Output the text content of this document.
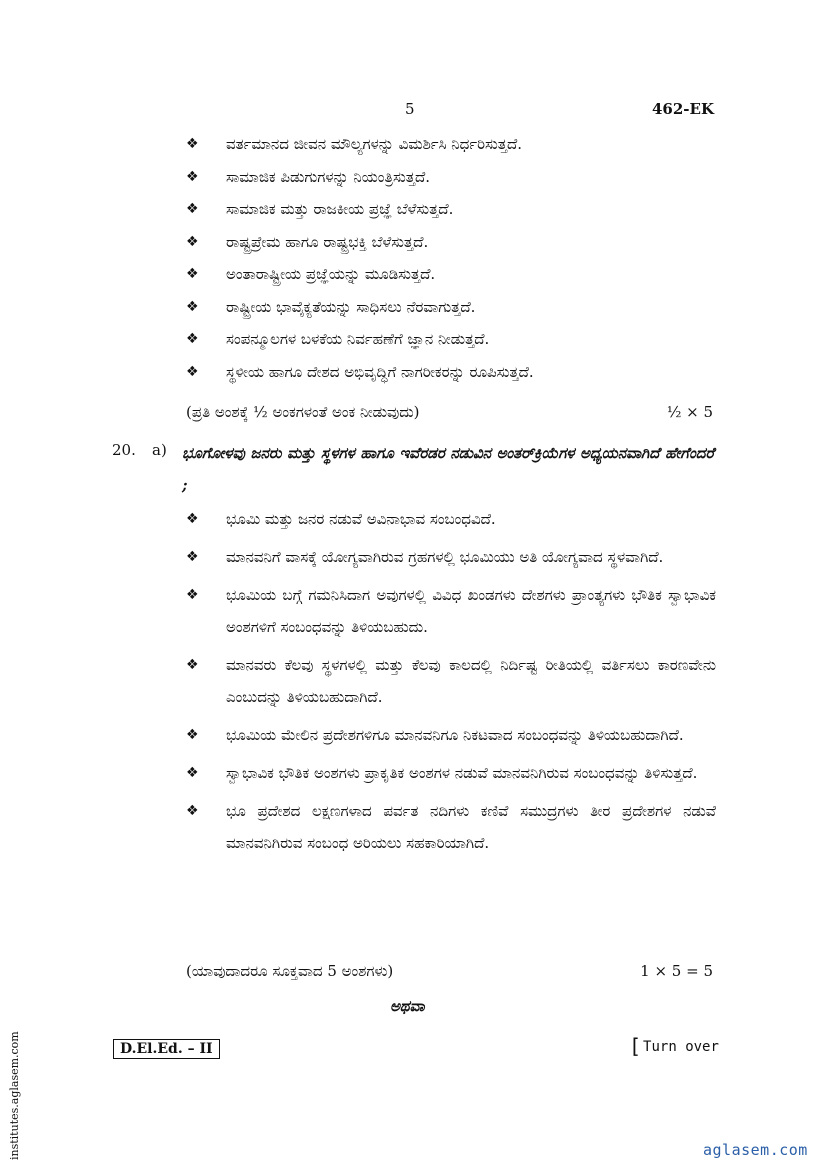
5	462-EK
❖ ವರ್ತಮಾನದ ಜೀವನ ಮೌಲ್ಯಗಳನ್ನು ವಿಮರ್ಶಿಸಿ ನಿರ್ಧರಿಸುತ್ತದೆ.
❖ ಸಾಮಾಜಿಕ ಪಿಡುಗುಗಳನ್ನು ನಿಯಂತ್ರಿಸುತ್ತದೆ.
❖ ಸಾಮಾಜಿಕ ಮತ್ತು ರಾಜಕೀಯ ಪ್ರಜ್ಞೆ ಬೆಳೆಸುತ್ತದೆ.
❖ ರಾಷ್ಟ್ರಪ್ರೇಮ ಹಾಗೂ ರಾಷ್ಟ್ರಭಕ್ತಿ ಬೆಳೆಸುತ್ತದೆ.
❖ ಅಂತಾರಾಷ್ಟ್ರೀಯ ಪ್ರಜ್ಞೆಯನ್ನು ಮೂಡಿಸುತ್ತದೆ.
❖ ರಾಷ್ಟ್ರೀಯ ಭಾವೈಕ್ಯತೆಯನ್ನು ಸಾಧಿಸಲು ನೆರವಾಗುತ್ತದೆ.
❖ ಸಂಪನ್ಮೂಲಗಳ ಬಳಕೆಯ ನಿರ್ವಹಣೆಗೆ ಜ್ಞಾನ ನೀಡುತ್ತದೆ.
❖ ಸ್ಥಳೀಯ ಹಾಗೂ ದೇಶದ ಅಭಿವೃದ್ಧಿಗೆ ನಾಗರೀಕರನ್ನು ರೂಪಿಸುತ್ತದೆ.
(ಪ್ರತಿ ಅಂಶಕ್ಕೆ ½ ಅಂಕಗಳಂತೆ ಅಂಕ ನೀಡುವುದು)	½ × 5
20. a) ಭೂಗೋಳವು ಜನರು ಮತ್ತು ಸ್ಥಳಗಳ ಹಾಗೂ ಇವೆರಡರ ನಡುವಿನ ಅಂತರ್‌ಕ್ರಿಯೆಗಳ ಅಧ್ಯಯನವಾಗಿದೆ ಹೇಗೆಂದರೆ ;
❖ ಭೂಮಿ ಮತ್ತು ಜನರ ನಡುವೆ ಅವಿನಾಭಾವ ಸಂಬಂಧವಿದೆ.
❖ ಮಾನವನಿಗೆ ವಾಸಕ್ಕೆ ಯೋಗ್ಯವಾಗಿರುವ ಗ್ರಹಗಳಲ್ಲಿ ಭೂಮಿಯು ಅತಿ ಯೋಗ್ಯವಾದ ಸ್ಥಳವಾಗಿದೆ.
❖ ಭೂಮಿಯ ಬಗ್ಗೆ ಗಮನಿಸಿದಾಗ ಅವುಗಳಲ್ಲಿ ವಿವಿಧ ಖಂಡಗಳು ದೇಶಗಳು ಪ್ರಾಂತ್ಯಗಳು ಭೌತಿಕ ಸ್ವಾಭಾವಿಕ ಅಂಶಗಳಿಗೆ ಸಂಬಂಧವನ್ನು ತಿಳಿಯಬಹುದು.
❖ ಮಾನವರು ಕೆಲವು ಸ್ಥಳಗಳಲ್ಲಿ ಮತ್ತು ಕೆಲವು ಕಾಲದಲ್ಲಿ ನಿರ್ದಿಷ್ಟ ರೀತಿಯಲ್ಲಿ ವರ್ತಿಸಲು ಕಾರಣವೇನು ಎಂಬುದನ್ನು ತಿಳಿಯಬಹುದಾಗಿದೆ.
❖ ಭೂಮಿಯ ಮೇಲಿನ ಪ್ರದೇಶಗಳಿಗೂ ಮಾನವನಿಗೂ ನಿಕಟವಾದ ಸಂಬಂಧವನ್ನು ತಿಳಿಯಬಹುದಾಗಿದೆ.
❖ ಸ್ವಾಭಾವಿಕ ಭೌತಿಕ ಅಂಶಗಳು ಪ್ರಾಕೃತಿಕ ಅಂಶಗಳ ನಡುವೆ ಮಾನವನಿಗಿರುವ ಸಂಬಂಧವನ್ನು ತಿಳಿಸುತ್ತದೆ.
❖ ಭೂ ಪ್ರದೇಶದ ಲಕ್ಷಣಗಳಾದ ಪರ್ವತ ನದಿಗಳು ಕಣಿವೆ ಸಮುದ್ರಗಳು ತೀರ ಪ್ರದೇಶಗಳ ನಡುವೆ ಮಾನವನಿಗಿರುವ ಸಂಬಂಧ ಅರಿಯಲು ಸಹಕಾರಿಯಾಗಿದೆ.
(ಯಾವುದಾದರೂ ಸೂಕ್ತವಾದ 5 ಅಂಶಗಳು)	1 × 5 = 5
ಅಥವಾ
D.El.Ed. – II	[ Turn over
institutes.aglasem.com	aglasem.com
